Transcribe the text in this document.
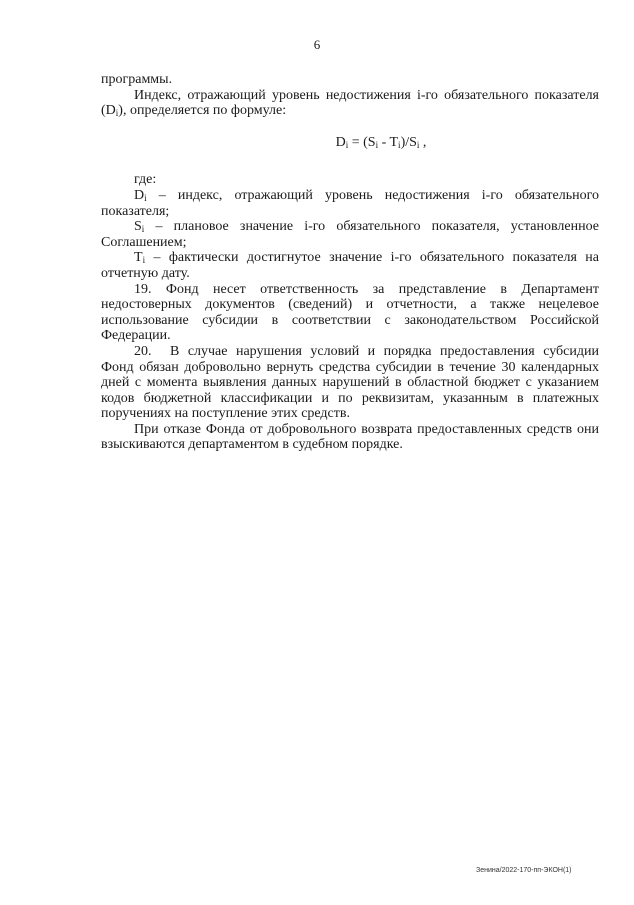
6

программы.

Индекс, отражающий уровень недостижения i-го обязательного показателя $(D_i)$, определяется по формуле:

$D_i = (S_i - T_i)/S_i$ ,

где:

$D_i$ – индекс, отражающий уровень недостижения i-го обязательного показателя;

$S_i$ – плановое значение i-го обязательного показателя, установленное Соглашением;

$T_i$ – фактически достигнутое значение i-го обязательного показателя на отчетную дату.

19. Фонд несет ответственность за представление в Департамент недостоверных документов (сведений) и отчетности, а также нецелевое использование субсидии в соответствии с законодательством Российской Федерации.

20. В случае нарушения условий и порядка предоставления субсидии Фонд обязан добровольно вернуть средства субсидии в течение 30 календарных дней с момента выявления данных нарушений в областной бюджет с указанием кодов бюджетной классификации и по реквизитам, указанным в платежных поручениях на поступление этих средств.

При отказе Фонда от добровольного возврата предоставленных средств они взыскиваются департаментом в судебном порядке.

Зенина/2022-170-пп-ЭКОН(1)
